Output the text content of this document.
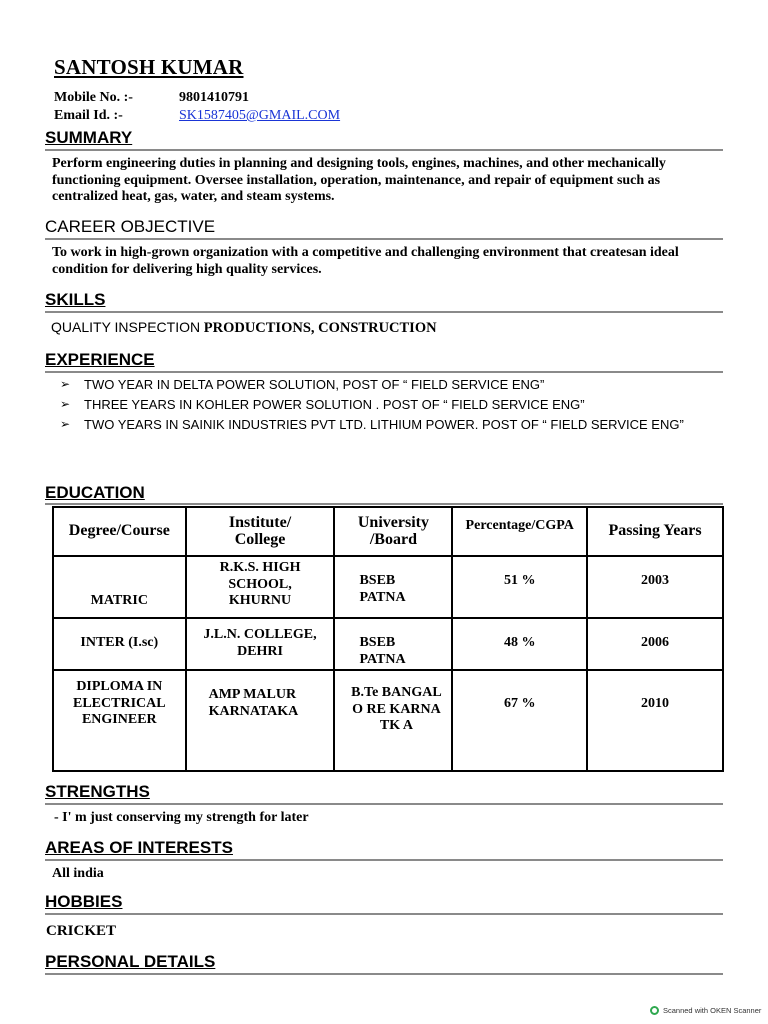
SANTOSH KUMAR
Mobile No. :-	9801410791
Email Id. :-	SK1587405@GMAIL.COM
SUMMARY
Perform engineering duties in planning and designing tools, engines, machines, and other mechanically functioning equipment. Oversee installation, operation, maintenance, and repair of equipment such as centralized heat, gas, water, and steam systems.
CAREER OBJECTIVE
To work in high-grown organization with a competitive and challenging environment that createsan ideal condition for delivering high quality services.
SKILLS
QUALITY INSPECTION PRODUCTIONS, CONSTRUCTION
EXPERIENCE
➢	TWO YEAR IN DELTA POWER SOLUTION, POST OF “ FIELD SERVICE ENG”
➢	THREE YEARS IN KOHLER POWER SOLUTION . POST OF “ FIELD SERVICE ENG”
➢	TWO YEARS IN SAINIK INDUSTRIES PVT LTD. LITHIUM POWER. POST OF “ FIELD SERVICE ENG”
EDUCATION
Degree/Course	Institute/ College	University /Board	Percentage/CGPA	Passing Years
MATRIC	R.K.S. HIGH SCHOOL, KHURNU	BSEB PATNA	51 %	2003
INTER (I.sc)	J.L.N. COLLEGE, DEHRI	BSEB PATNA	48 %	2006
DIPLOMA IN ELECTRICAL ENGINEER	AMP MALUR KARNATAKA	B.Te BANGALO RE KARNATK A	67 %	2010
STRENGTHS
- I' m just conserving my strength for later
AREAS OF INTERESTS
All india
HOBBIES
CRICKET
PERSONAL DETAILS
Scanned with OKEN Scanner
